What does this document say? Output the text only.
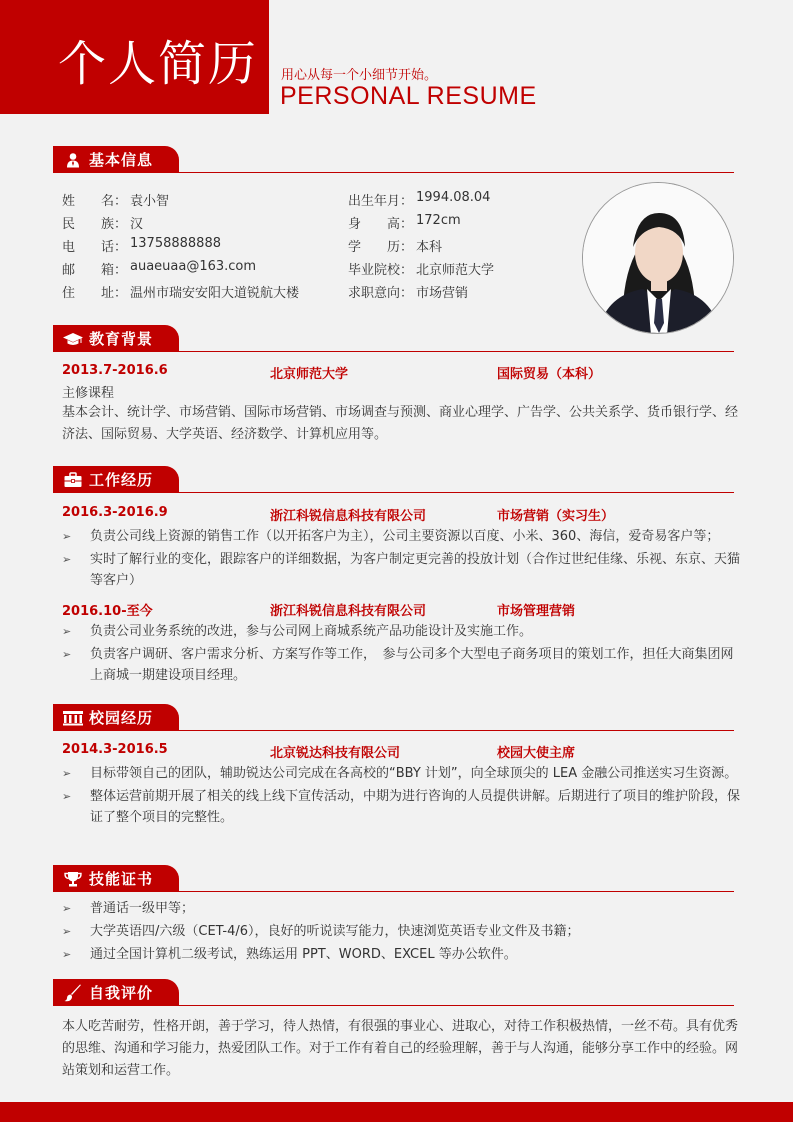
个人简历 用心从每一个小细节开始。
PERSONAL RESUME
基本信息
姓　　名： 袁小智
民　　族： 汉
电　　话： 13758888888
邮　　箱： auaeuaa@163.com
住　　址： 温州市瑞安安阳大道锐航大楼
出生年月： 1994.08.04
身　　高： 172cm
学　　历： 本科
毕业院校： 北京师范大学
求职意向： 市场营销
教育背景
2013.7-2016.6	北京师范大学	国际贸易（本科）
主修课程
基本会计、统计学、市场营销、国际市场营销、市场调查与预测、商业心理学、广告学、公共关系学、货币银行学、经济法、国际贸易、大学英语、经济数学、计算机应用等。
工作经历
2016.3-2016.9	浙江科锐信息科技有限公司	市场营销（实习生）
➢ 负责公司线上资源的销售工作（以开拓客户为主），公司主要资源以百度、小米、360、海信，爱奇易客户等；
➢ 实时了解行业的变化，跟踪客户的详细数据，为客户制定更完善的投放计划（合作过世纪佳缘、乐视、东京、天猫等客户）
2016.10-至今	浙江科锐信息科技有限公司	市场管理营销
➢ 负责公司业务系统的改进，参与公司网上商城系统产品功能设计及实施工作。
➢ 负责客户调研、客户需求分析、方案写作等工作，　参与公司多个大型电子商务项目的策划工作，担任大商集团网上商城一期建设项目经理。
校园经历
2014.3-2016.5	北京锐达科技有限公司	校园大使主席
➢ 目标带领自己的团队，辅助锐达公司完成在各高校的“BBY 计划”，向全球顶尖的 LEA 金融公司推送实习生资源。
➢ 整体运营前期开展了相关的线上线下宣传活动，中期为进行咨询的人员提供讲解。后期进行了项目的维护阶段，保证了整个项目的完整性。
技能证书
➢ 普通话一级甲等；
➢ 大学英语四/六级（CET-4/6），良好的听说读写能力，快速浏览英语专业文件及书籍；
➢ 通过全国计算机二级考试，熟练运用 PPT、WORD、EXCEL 等办公软件。
自我评价
本人吃苦耐劳，性格开朗，善于学习，待人热情，有很强的事业心、进取心，对待工作积极热情，一丝不苟。具有优秀的思维、沟通和学习能力，热爱团队工作。对于工作有着自己的经验理解，善于与人沟通，能够分享工作中的经验。网站策划和运营工作。
